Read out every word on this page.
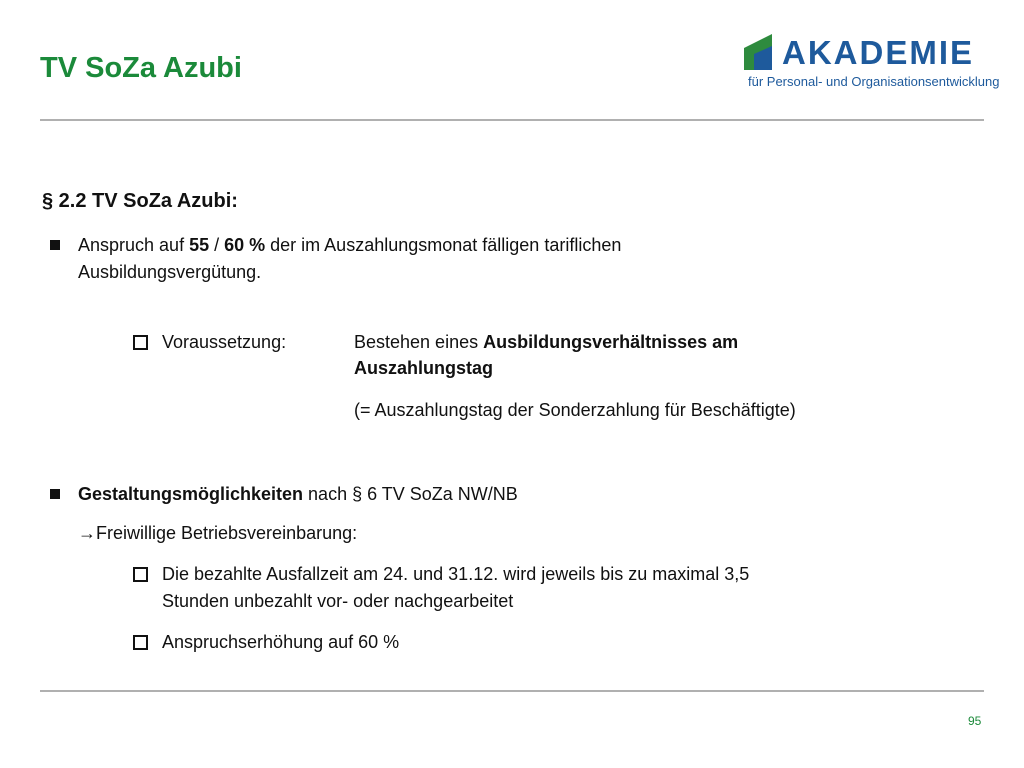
TV SoZa Azubi	AKADEMIE
für Personal- und Organisationsentwicklung
§ 2.2 TV SoZa Azubi:
Anspruch auf 55 / 60 % der im Auszahlungsmonat fälligen tariflichen
Ausbildungsvergütung.
Voraussetzung:	Bestehen eines Ausbildungsverhältnisses am
Auszahlungstag
(= Auszahlungstag der Sonderzahlung für Beschäftigte)
Gestaltungsmöglichkeiten nach § 6 TV SoZa NW/NB
→Freiwillige Betriebsvereinbarung:
Die bezahlte Ausfallzeit am 24. und 31.12. wird jeweils bis zu maximal 3,5
Stunden unbezahlt vor- oder nachgearbeitet
Anspruchserhöhung auf 60 %
95
